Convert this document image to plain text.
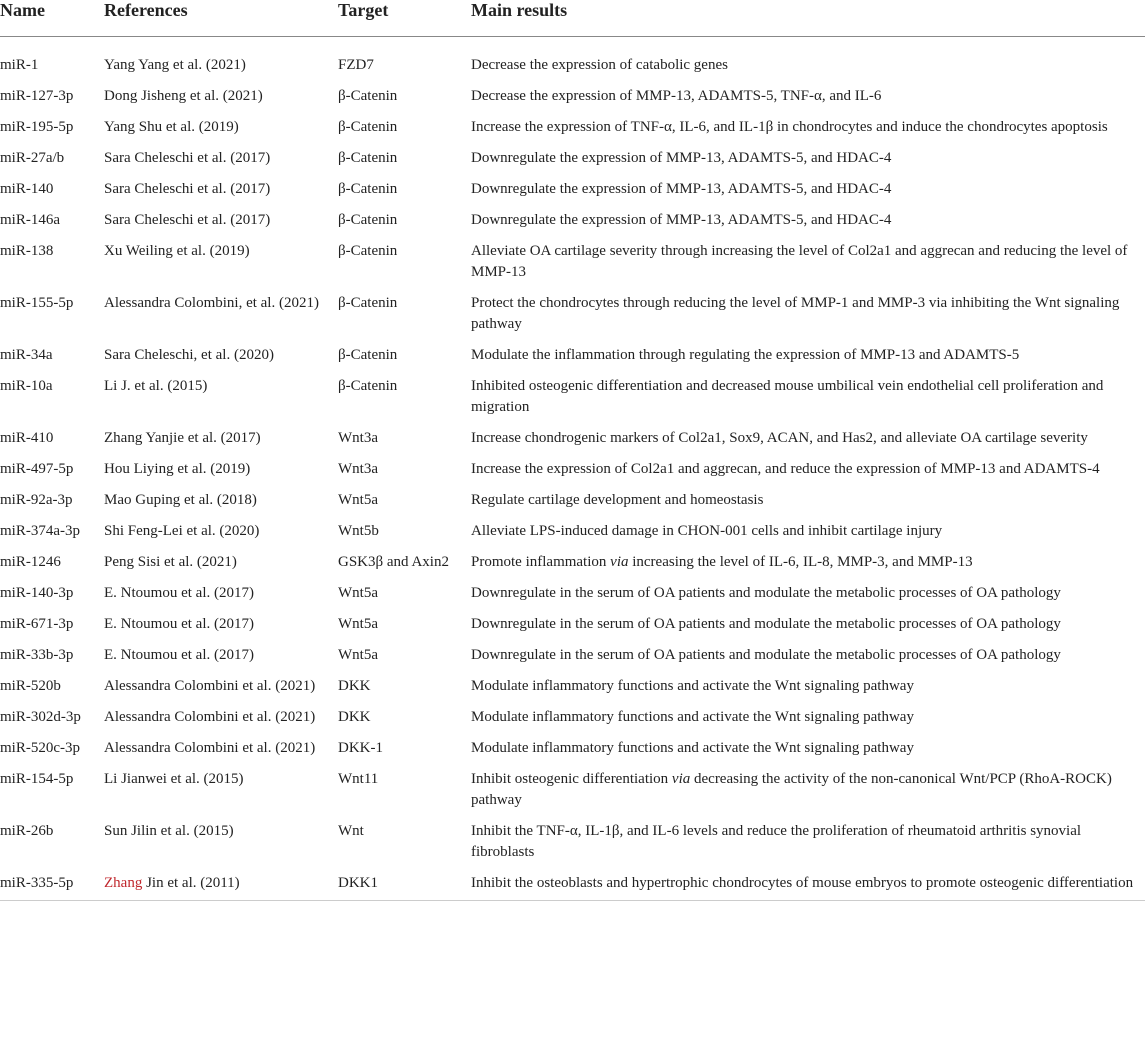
Name	References	Target	Main results

miR-1	Yang Yang et al. (2021)	FZD7	Decrease the expression of catabolic genes
miR-127-3p	Dong Jisheng et al. (2021)	β-Catenin	Decrease the expression of MMP-13, ADAMTS-5, TNF-α, and IL-6
miR-195-5p	Yang Shu et al. (2019)	β-Catenin	Increase the expression of TNF-α, IL-6, and IL-1β in chondrocytes and induce the chondrocytes apoptosis
miR-27a/b	Sara Cheleschi et al. (2017)	β-Catenin	Downregulate the expression of MMP-13, ADAMTS-5, and HDAC-4
miR-140	Sara Cheleschi et al. (2017)	β-Catenin	Downregulate the expression of MMP-13, ADAMTS-5, and HDAC-4
miR-146a	Sara Cheleschi et al. (2017)	β-Catenin	Downregulate the expression of MMP-13, ADAMTS-5, and HDAC-4
miR-138	Xu Weiling et al. (2019)	β-Catenin	Alleviate OA cartilage severity through increasing the level of Col2a1 and aggrecan and reducing the level of MMP-13
miR-155-5p	Alessandra Colombini, et al. (2021)	β-Catenin	Protect the chondrocytes through reducing the level of MMP-1 and MMP-3 via inhibiting the Wnt signaling pathway
miR-34a	Sara Cheleschi, et al. (2020)	β-Catenin	Modulate the inflammation through regulating the expression of MMP-13 and ADAMTS-5
miR-10a	Li J. et al. (2015)	β-Catenin	Inhibited osteogenic differentiation and decreased mouse umbilical vein endothelial cell proliferation and migration
miR-410	Zhang Yanjie et al. (2017)	Wnt3a	Increase chondrogenic markers of Col2a1, Sox9, ACAN, and Has2, and alleviate OA cartilage severity
miR-497-5p	Hou Liying et al. (2019)	Wnt3a	Increase the expression of Col2a1 and aggrecan, and reduce the expression of MMP-13 and ADAMTS-4
miR-92a-3p	Mao Guping et al. (2018)	Wnt5a	Regulate cartilage development and homeostasis
miR-374a-3p	Shi Feng-Lei et al. (2020)	Wnt5b	Alleviate LPS-induced damage in CHON-001 cells and inhibit cartilage injury
miR-1246	Peng Sisi et al. (2021)	GSK3β and Axin2	Promote inflammation via increasing the level of IL-6, IL-8, MMP-3, and MMP-13
miR-140-3p	E. Ntoumou et al. (2017)	Wnt5a	Downregulate in the serum of OA patients and modulate the metabolic processes of OA pathology
miR-671-3p	E. Ntoumou et al. (2017)	Wnt5a	Downregulate in the serum of OA patients and modulate the metabolic processes of OA pathology
miR-33b-3p	E. Ntoumou et al. (2017)	Wnt5a	Downregulate in the serum of OA patients and modulate the metabolic processes of OA pathology
miR-520b	Alessandra Colombini et al. (2021)	DKK	Modulate inflammatory functions and activate the Wnt signaling pathway
miR-302d-3p	Alessandra Colombini et al. (2021)	DKK	Modulate inflammatory functions and activate the Wnt signaling pathway
miR-520c-3p	Alessandra Colombini et al. (2021)	DKK-1	Modulate inflammatory functions and activate the Wnt signaling pathway
miR-154-5p	Li Jianwei et al. (2015)	Wnt11	Inhibit osteogenic differentiation via decreasing the activity of the non-canonical Wnt/PCP (RhoA-ROCK) pathway
miR-26b	Sun Jilin et al. (2015)	Wnt	Inhibit the TNF-α, IL-1β, and IL-6 levels and reduce the proliferation of rheumatoid arthritis synovial fibroblasts
miR-335-5p	Zhang Jin et al. (2011)	DKK1	Inhibit the osteoblasts and hypertrophic chondrocytes of mouse embryos to promote osteogenic differentiation
